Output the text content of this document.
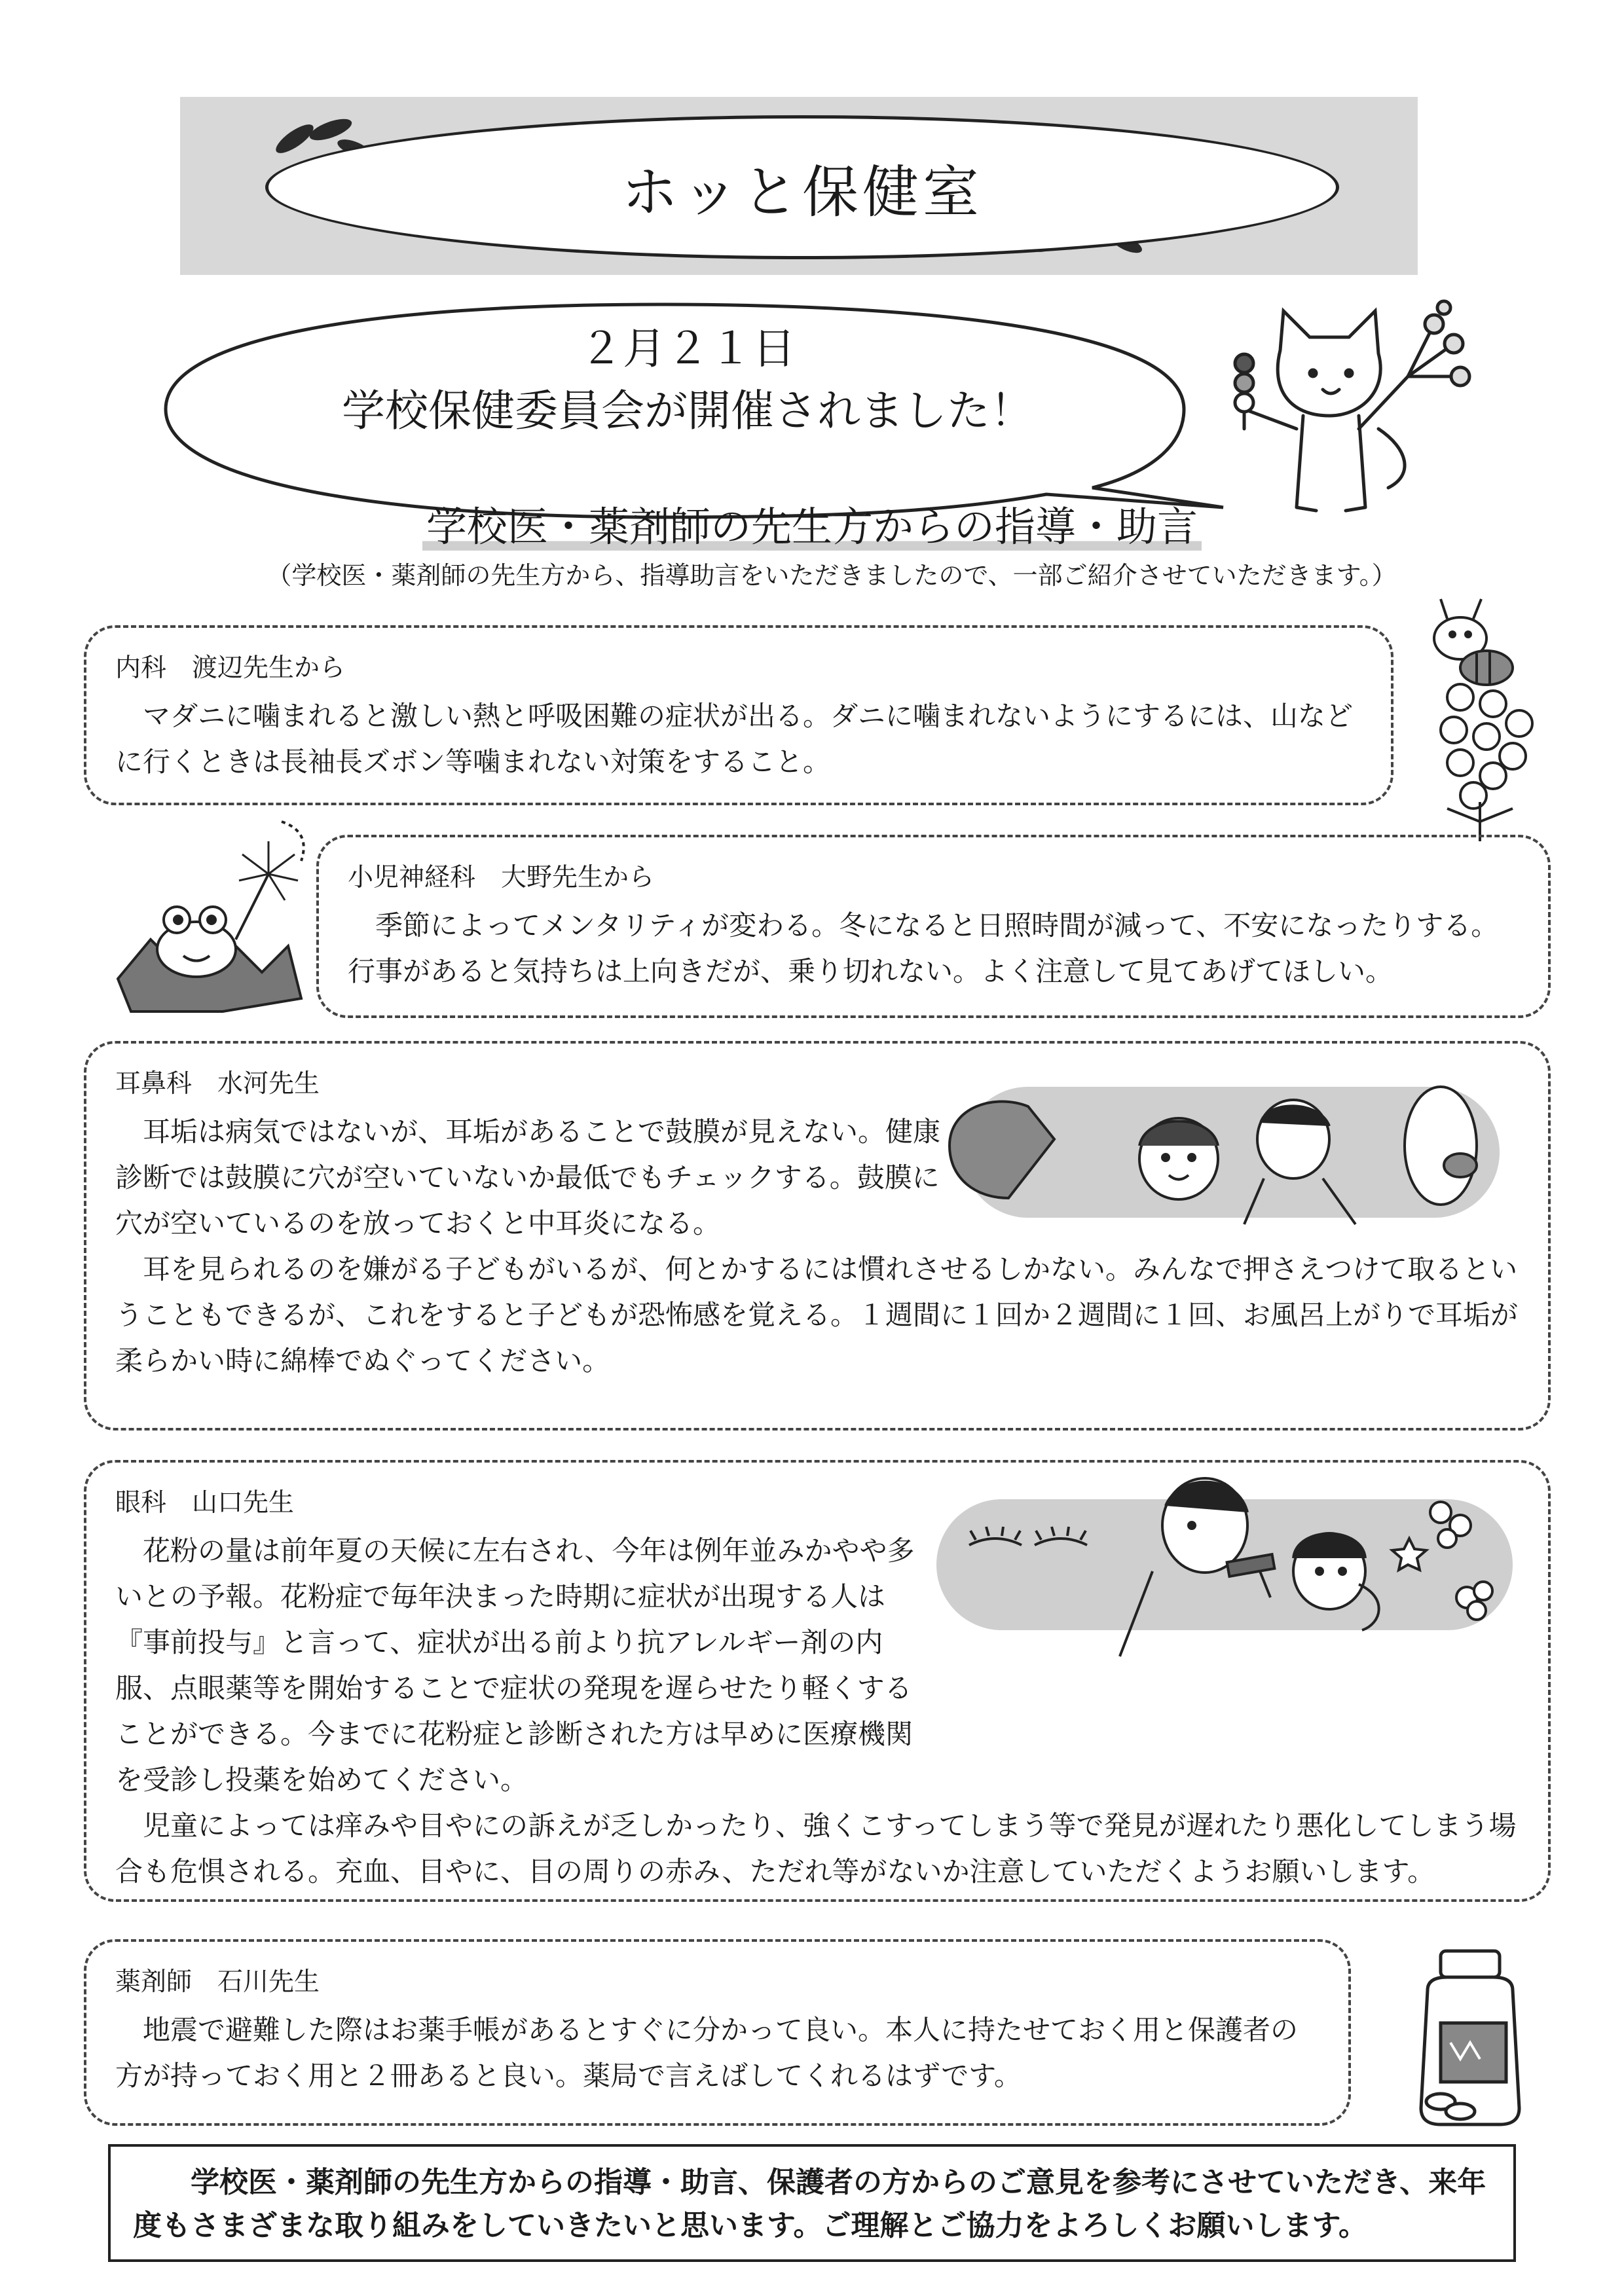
ホッと保健室
２月２１日
学校保健委員会が開催されました！
学校医・薬剤師の先生方からの指導・助言
（学校医・薬剤師の先生方から、指導助言をいただきましたので、一部ご紹介させていただきます。）
内科　渡辺先生から

マダニに噛まれると激しい熱と呼吸困難の症状が出る。ダニに噛まれないようにするには、山などに行くときは長袖長ズボン等噛まれない対策をすること。

小児神経科　大野先生から

季節によってメンタリティが変わる。冬になると日照時間が減って、不安になったりする。行事があると気持ちは上向きだが、乗り切れない。よく注意して見てあげてほしい。

耳鼻科　水河先生

耳垢は病気ではないが、耳垢があることで鼓膜が見えない。健康診断では鼓膜に穴が空いていないか最低でもチェックする。鼓膜に穴が空いているのを放っておくと中耳炎になる。

耳を見られるのを嫌がる子どもがいるが、何とかするには慣れさせるしかない。みんなで押さえつけて取るということもできるが、これをすると子どもが恐怖感を覚える。１週間に１回か２週間に１回、お風呂上がりで耳垢が柔らかい時に綿棒でぬぐってください。

眼科　山口先生

花粉の量は前年夏の天候に左右され、今年は例年並みかやや多いとの予報。花粉症で毎年決まった時期に症状が出現する人は『事前投与』と言って、症状が出る前より抗アレルギー剤の内服、点眼薬等を開始することで症状の発現を遅らせたり軽くすることができる。今までに花粉症と診断された方は早めに医療機関を受診し投薬を始めてください。

児童によっては痒みや目やにの訴えが乏しかったり、強くこすってしまう等で発見が遅れたり悪化してしまう場合も危惧される。充血、目やに、目の周りの赤み、ただれ等がないか注意していただくようお願いします。

薬剤師　石川先生

地震で避難した際はお薬手帳があるとすぐに分かって良い。本人に持たせておく用と保護者の方が持っておく用と２冊あると良い。薬局で言えばしてくれるはずです。

学校医・薬剤師の先生方からの指導・助言、保護者の方からのご意見を参考にさせていただき、来年度もさまざまな取り組みをしていきたいと思います。ご理解とご協力をよろしくお願いします。
